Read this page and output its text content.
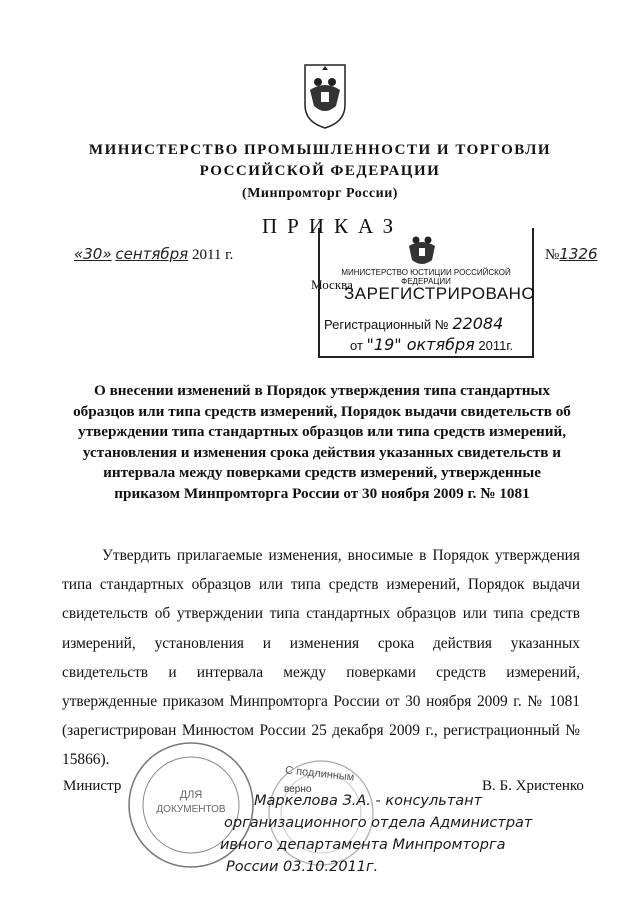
МИНИСТЕРСТВО ПРОМЫШЛЕННОСТИ И ТОРГОВЛИ
РОССИЙСКОЙ ФЕДЕРАЦИИ
(Минпромторг России)
ПРИКАЗ
«30» сентября 2011 г.	№1326
Москва
МИНИСТЕРСТВО ЮСТИЦИИ РОССИЙСКОЙ ФЕДЕРАЦИИ
ЗАРЕГИСТРИРОВАНО
Регистрационный № 22084
от "19" октября 2011г.
О внесении изменений в Порядок утверждения типа стандартных образцов или типа средств измерений, Порядок выдачи свидетельств об утверждении типа стандартных образцов или типа средств измерений, установления и изменения срока действия указанных свидетельств и интервала между поверками средств измерений, утвержденные приказом Минпромторга России от 30 ноября 2009 г. № 1081
Утвердить прилагаемые изменения, вносимые в Порядок утверждения типа стандартных образцов или типа средств измерений, Порядок выдачи свидетельств об утверждении типа стандартных образцов или типа средств измерений, установления и изменения срока действия указанных свидетельств и интервала между поверками средств измерений, утвержденные приказом Минпромторга России от 30 ноября 2009 г. № 1081 (зарегистрирован Минюстом России 25 декабря 2009 г., регистрационный № 15866).
ДЛЯ
ДОКУМЕНТОВ
С подлинным
верно
Министр	В. Б. Христенко
Маркелова З.А. - консультант
организационного отдела Администрат
ивного департамента Минпромторга
России 03.10.2011г.
